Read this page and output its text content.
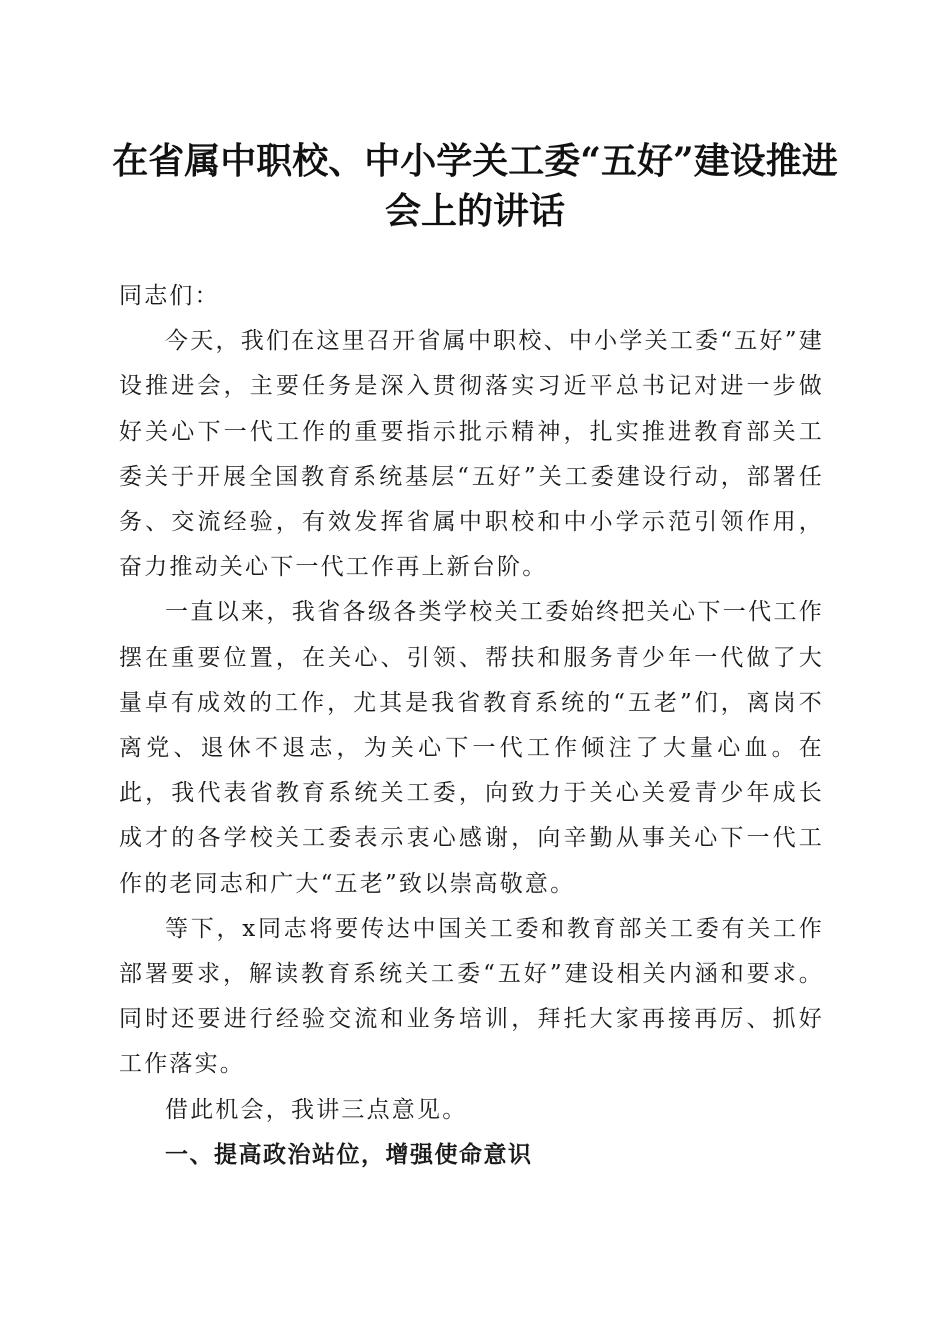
在省属中职校、中小学关工委“五好”建设推进会上的讲话

同志们：

今天，我们在这里召开省属中职校、中小学关工委“五好”建设推进会，主要任务是深入贯彻落实习近平总书记对进一步做好关心下一代工作的重要指示批示精神，扎实推进教育部关工委关于开展全国教育系统基层“五好”关工委建设行动，部署任务、交流经验，有效发挥省属中职校和中小学示范引领作用，奋力推动关心下一代工作再上新台阶。

一直以来，我省各级各类学校关工委始终把关心下一代工作摆在重要位置，在关心、引领、帮扶和服务青少年一代做了大量卓有成效的工作，尤其是我省教育系统的“五老”们，离岗不离党、退休不退志，为关心下一代工作倾注了大量心血。在此，我代表省教育系统关工委，向致力于关心关爱青少年成长成才的各学校关工委表示衷心感谢，向辛勤从事关心下一代工作的老同志和广大“五老”致以崇高敬意。

等下，x同志将要传达中国关工委和教育部关工委有关工作部署要求，解读教育系统关工委“五好”建设相关内涵和要求。同时还要进行经验交流和业务培训，拜托大家再接再厉、抓好工作落实。

借此机会，我讲三点意见。

一、提高政治站位，增强使命意识
